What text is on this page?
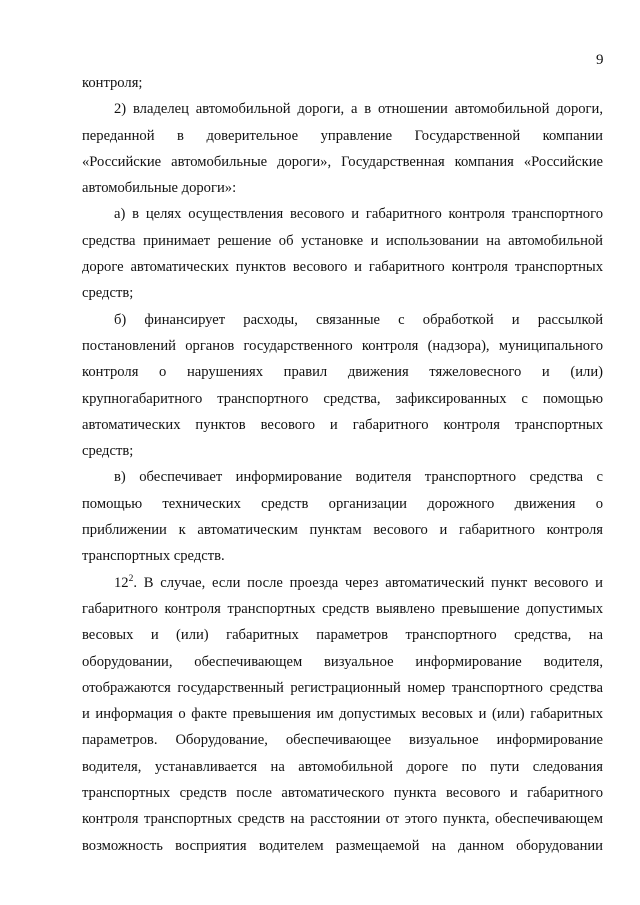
9
контроля;
2) владелец автомобильной дороги, а в отношении автомобильной дороги,
переданной в доверительное управление Государственной компании
«Российские автомобильные дороги», Государственная компания «Российские
автомобильные дороги»:
а) в целях осуществления весового и габаритного контроля транспортного
средства принимает решение об установке и использовании на автомобильной
дороге автоматических пунктов весового и габаритного контроля транспортных
средств;
б) финансирует расходы, связанные с обработкой и рассылкой
постановлений органов государственного контроля (надзора), муниципального
контроля о нарушениях правил движения тяжеловесного и (или)
крупногабаритного транспортного средства, зафиксированных с помощью
автоматических пунктов весового и габаритного контроля транспортных
средств;
в) обеспечивает информирование водителя транспортного средства с
помощью технических средств организации дорожного движения о
приближении к автоматическим пунктам весового и габаритного контроля
транспортных средств.
$12^2$. В случае, если после проезда через автоматический пункт весового и
габаритного контроля транспортных средств выявлено превышение допустимых
весовых и (или) габаритных параметров транспортного средства, на
оборудовании, обеспечивающем визуальное информирование водителя,
отображаются государственный регистрационный номер транспортного средства
и информация о факте превышения им допустимых весовых и (или) габаритных
параметров. Оборудование, обеспечивающее визуальное информирование
водителя, устанавливается на автомобильной дороге по пути следования
транспортных средств после автоматического пункта весового и габаритного
контроля транспортных средств на расстоянии от этого пункта, обеспечивающем
возможность восприятия водителем размещаемой на данном оборудовании
